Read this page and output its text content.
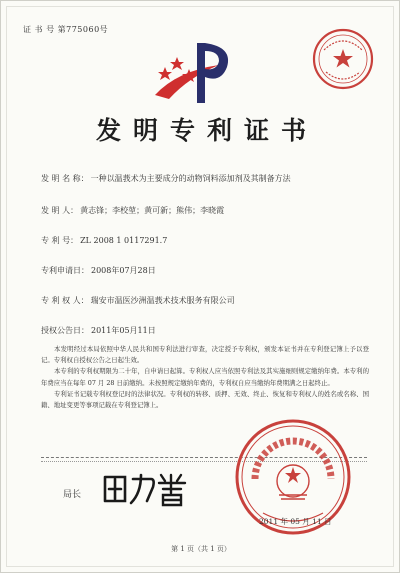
证 书 号 第775060号
发明专利证书
发 明 名 称： 一种以温莪术为主要成分的动物饲料添加剂及其制备方法
发 明 人： 黄志锋；李校堃；黄可新；熊伟；李晓霞
专 利 号： ZL 2008 1 0117291.7
专利申请日： 2008年07月28日
专 利 权 人： 瑞安市温医沙洲温莪术技术服务有限公司
授权公告日： 2011年05月11日

本发明经过本局依照中华人民共和国专利法进行审查，决定授予专利权，颁发本证书并在专利登记簿上予以登记。专利权自授权公告之日起生效。

本专利的专利权期限为二十年，自申请日起算。专利权人应当依照专利法及其实施细则规定缴纳年费。本专利的年费应当在每年 07 月 28 日前缴纳。未按照规定缴纳年费的，专利权自应当缴纳年费期满之日起终止。

专利证书记载专利权登记时的法律状况。专利权的转移、质押、无效、终止、恢复和专利权人的姓名或名称、国籍、地址变更等事项记载在专利登记簿上。

局长
2011 年 05 月 11 日
第 1 页（共 1 页）
